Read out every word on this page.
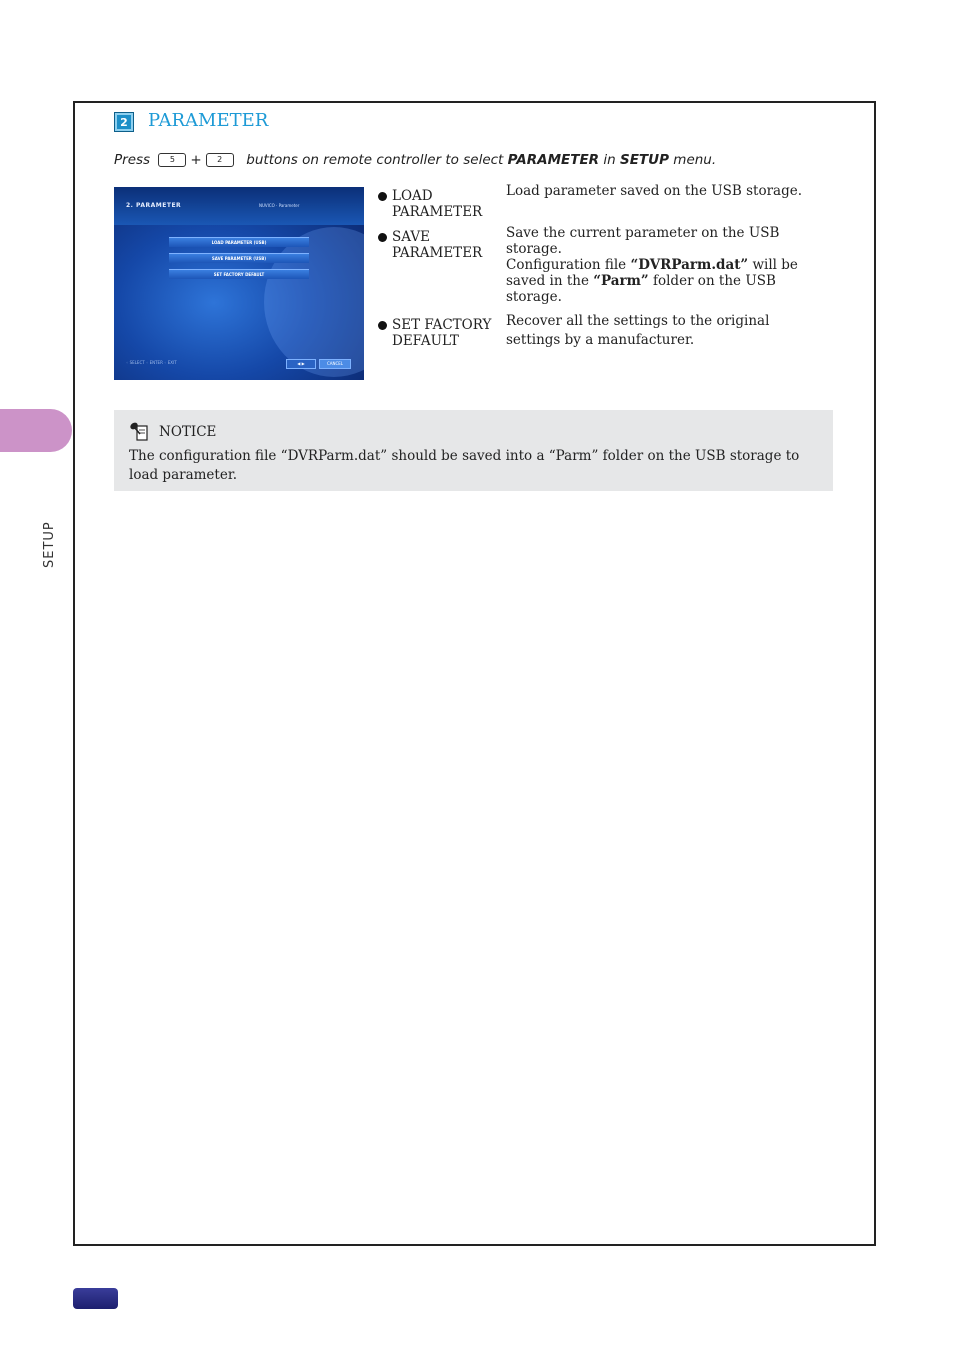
SETUP
2	PARAMETER
Press 5 + 2 buttons on remote controller to select PARAMETER in SETUP menu.
2. PARAMETER	NUVICO · Parameter
LOAD PARAMETER (USB)
SAVE PARAMETER (USB)
SET FACTORY DEFAULT
◦ SELECT ◦ ENTER ◦ EXIT	◀ ▶	CANCEL
LOAD
PARAMETER
Load parameter saved on the USB storage.
SAVE
PARAMETER
Save the current parameter on the USB storage.
Configuration file “DVRParm.dat” will be saved in the “Parm” folder on the USB storage.
SET FACTORY
DEFAULT
Recover all the settings to the original settings by a manufacturer.
NOTICE
The configuration file “DVRParm.dat” should be saved into a “Parm” folder on the USB storage to load parameter.
